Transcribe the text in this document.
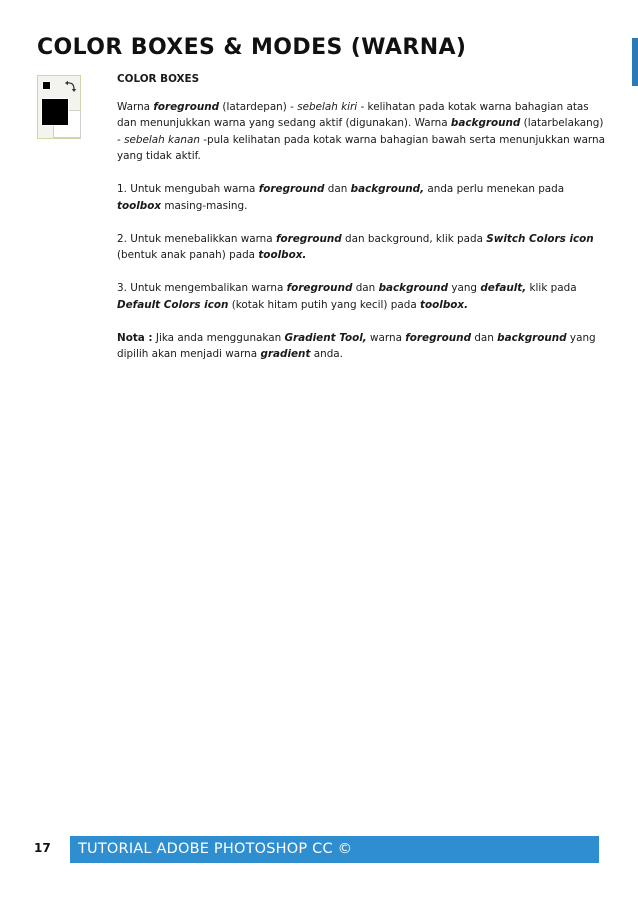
COLOR BOXES & MODES (WARNA)

COLOR BOXES

Warna foreground (latardepan) - sebelah kiri - kelihatan pada kotak warna bahagian atas dan menunjukkan warna yang sedang aktif (digunakan). Warna background (latarbelakang) - sebelah kanan -pula kelihatan pada kotak warna bahagian bawah serta menunjukkan warna yang tidak aktif.

1. Untuk mengubah warna foreground dan background, anda perlu menekan pada toolbox masing-masing.

2. Untuk menebalikkan warna foreground dan background, klik pada Switch Colors icon (bentuk anak panah) pada toolbox.

3. Untuk mengembalikan warna foreground dan background yang default, klik pada Default Colors icon (kotak hitam putih yang kecil) pada toolbox.

Nota : Jika anda menggunakan Gradient Tool, warna foreground dan background yang dipilih akan menjadi warna gradient anda.

17 TUTORIAL ADOBE PHOTOSHOP CC ©
